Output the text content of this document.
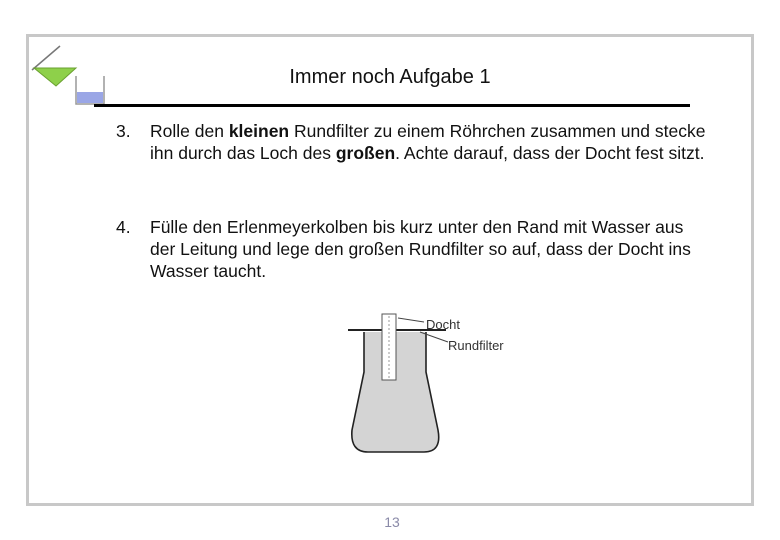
Immer noch Aufgabe 1
3. Rolle den kleinen Rundfilter zu einem Röhrchen zusammen und stecke ihn durch das Loch des großen. Achte darauf, dass der Docht fest sitzt.
4. Fülle den Erlenmeyerkolben bis kurz unter den Rand mit Wasser aus der Leitung und lege den großen Rundfilter so auf, dass der Docht ins Wasser taucht.
Docht
Rundfilter
13
